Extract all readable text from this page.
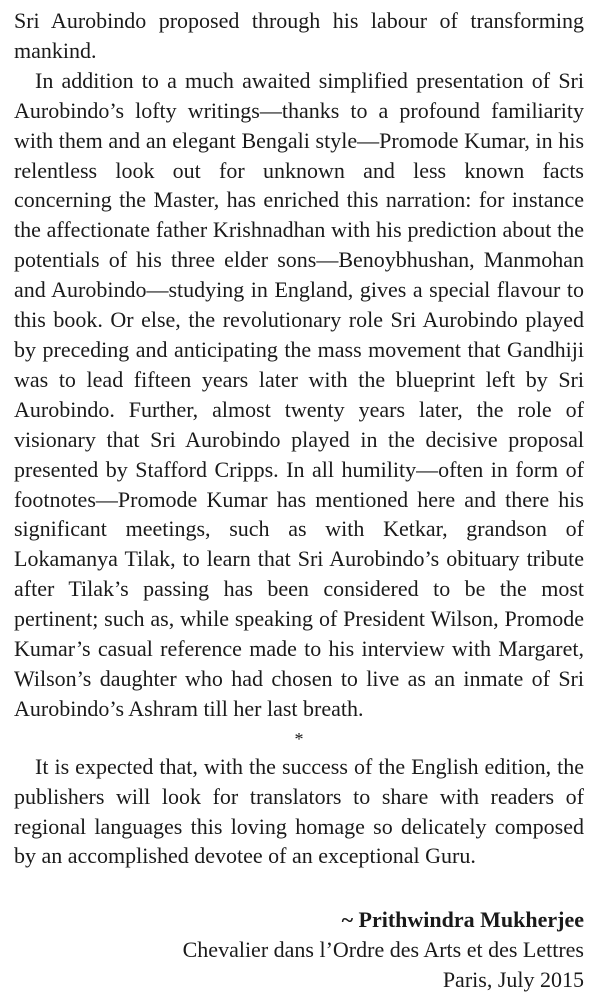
Sri Aurobindo proposed through his labour of transforming mankind.

In addition to a much awaited simplified presentation of Sri Aurobindo’s lofty writings—thanks to a profound familiarity with them and an elegant Bengali style—Promode Kumar, in his relentless look out for unknown and less known facts concerning the Master, has enriched this narration: for instance the affectionate father Krishnadhan with his prediction about the potentials of his three elder sons—Benoybhushan, Manmohan and Aurobindo—studying in England, gives a special flavour to this book. Or else, the revolutionary role Sri Aurobindo played by preceding and anticipating the mass movement that Gandhiji was to lead fifteen years later with the blueprint left by Sri Aurobindo. Further, almost twenty years later, the role of visionary that Sri Aurobindo played in the decisive proposal presented by Stafford Cripps. In all humility—often in form of footnotes—Promode Kumar has mentioned here and there his significant meetings, such as with Ketkar, grandson of Lokamanya Tilak, to learn that Sri Aurobindo’s obituary tribute after Tilak’s passing has been considered to be the most pertinent; such as, while speaking of President Wilson, Promode Kumar’s casual reference made to his interview with Margaret, Wilson’s daughter who had chosen to live as an inmate of Sri Aurobindo’s Ashram till her last breath.

*

It is expected that, with the success of the English edition, the publishers will look for translators to share with readers of regional languages this loving homage so delicately composed by an accomplished devotee of an exceptional Guru.

~ Prithwindra Mukherjee
Chevalier dans l’Ordre des Arts et des Lettres
Paris, July 2015
